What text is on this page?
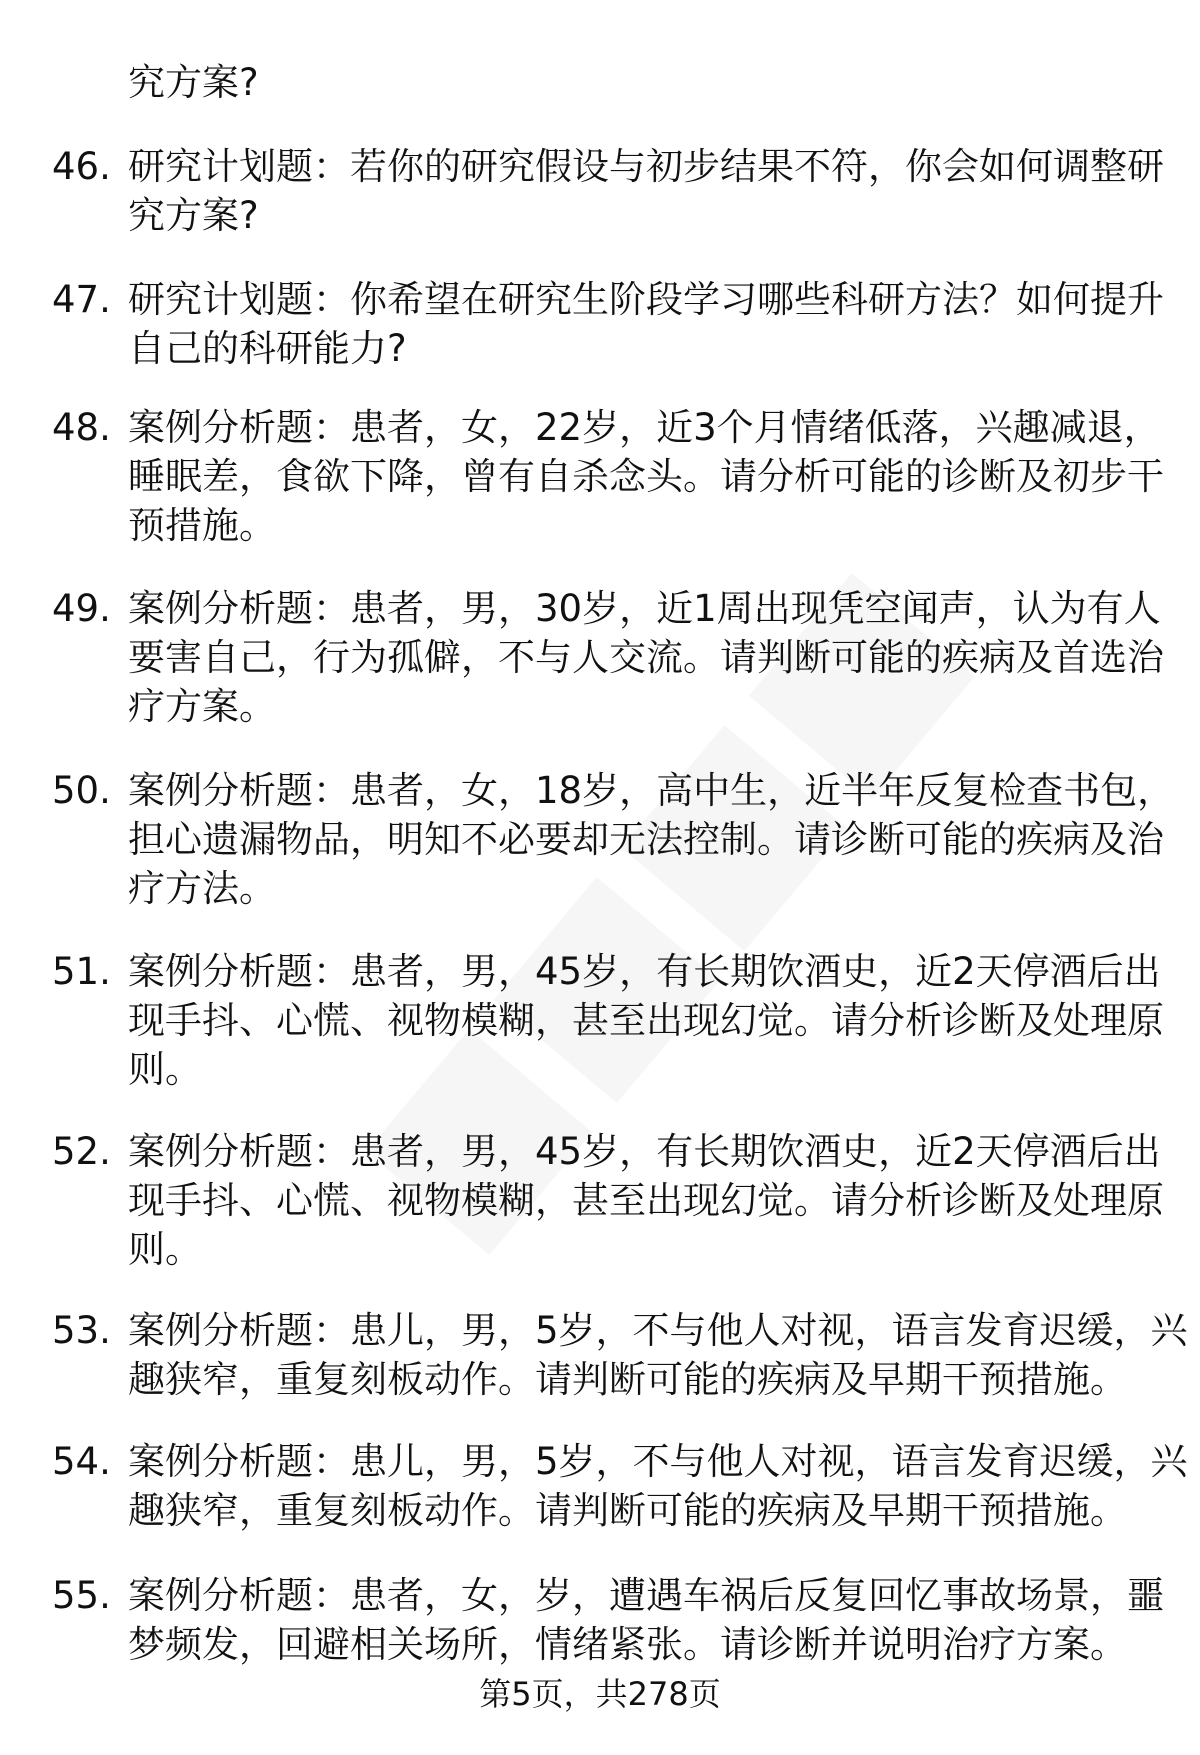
究方案?
46. 研究计划题：若你的研究假设与初步结果不符，你会如何调整研
究方案?
47. 研究计划题：你希望在研究生阶段学习哪些科研方法？如何提升
自己的科研能力?
48. 案例分析题：患者，女，22岁，近3个月情绪低落，兴趣减退，
睡眠差，食欲下降，曾有自杀念头。请分析可能的诊断及初步干
预措施。
49. 案例分析题：患者，男，30岁，近1周出现凭空闻声，认为有人
要害自己，行为孤僻，不与人交流。请判断可能的疾病及首选治
疗方案。
50. 案例分析题：患者，女，18岁，高中生，近半年反复检查书包，
担心遗漏物品，明知不必要却无法控制。请诊断可能的疾病及治
疗方法。
51. 案例分析题：患者，男，45岁，有长期饮酒史，近2天停酒后出
现手抖、心慌、视物模糊，甚至出现幻觉。请分析诊断及处理原
则。
52. 案例分析题：患者，男，45岁，有长期饮酒史，近2天停酒后出
现手抖、心慌、视物模糊，甚至出现幻觉。请分析诊断及处理原
则。
53. 案例分析题：患儿，男，5岁，不与他人对视，语言发育迟缓，兴
趣狭窄，重复刻板动作。请判断可能的疾病及早期干预措施。
54. 案例分析题：患儿，男，5岁，不与他人对视，语言发育迟缓，兴
趣狭窄，重复刻板动作。请判断可能的疾病及早期干预措施。
55. 案例分析题：患者，女，岁，遭遇车祸后反复回忆事故场景，噩
梦频发，回避相关场所，情绪紧张。请诊断并说明治疗方案。
第5页，共278页
